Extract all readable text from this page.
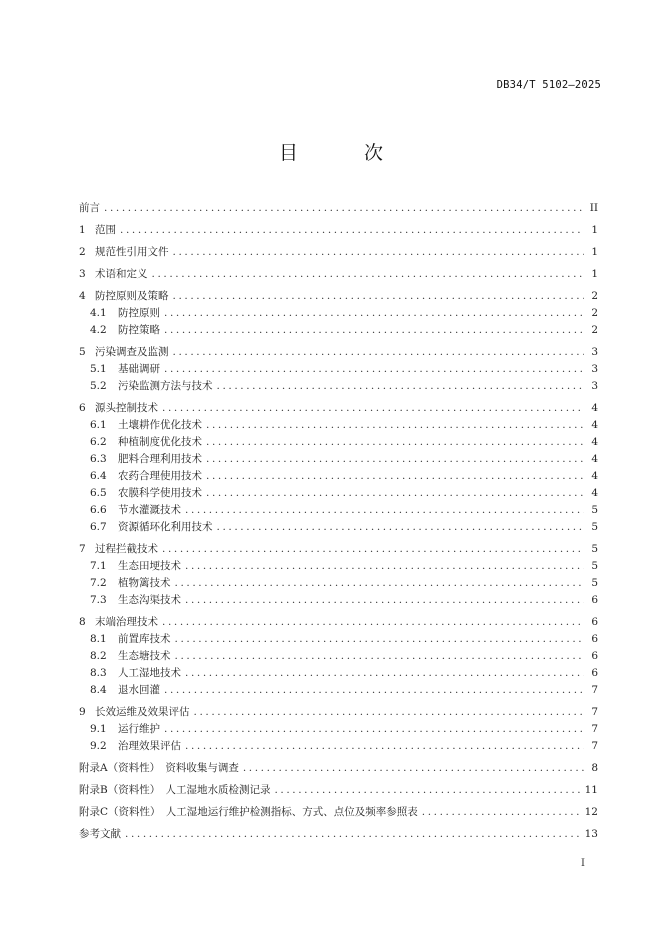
DB34/T 5102—2025
目 次
前言 .....	II
1 范围 .....	1
2 规范性引用文件 .....	1
3 术语和定义 .....	1
4 防控原则及策略 .....	2
4.1	防控原则 .....	2
4.2	防控策略 .....	2
5 污染调查及监测 .....	3
5.1	基础调研 .....	3
5.2	污染监测方法与技术 .....	3
6 源头控制技术 .....	4
6.1	土壤耕作优化技术 .....	4
6.2	种植制度优化技术 .....	4
6.3	肥料合理利用技术 .....	4
6.4	农药合理使用技术 .....	4
6.5	农膜科学使用技术 .....	4
6.6	节水灌溉技术 .....	5
6.7	资源循环化利用技术 .....	5
7 过程拦截技术 .....	5
7.1	生态田埂技术 .....	5
7.2	植物篱技术 .....	5
7.3	生态沟渠技术 .....	6
8 末端治理技术 .....	6
8.1	前置库技术 .....	6
8.2	生态塘技术 .....	6
8.3	人工湿地技术 .....	6
8.4	退水回灌 .....	7
9 长效运维及效果评估 .....	7
9.1	运行维护 .....	7
9.2	治理效果评估 .....	7
附录A（资料性）　资料收集与调查 .....	8
附录B（资料性）　人工湿地水质检测记录 .....	11
附录C（资料性）　人工湿地运行维护检测指标、方式、点位及频率参照表 .....	12
参考文献 .....	13
I
